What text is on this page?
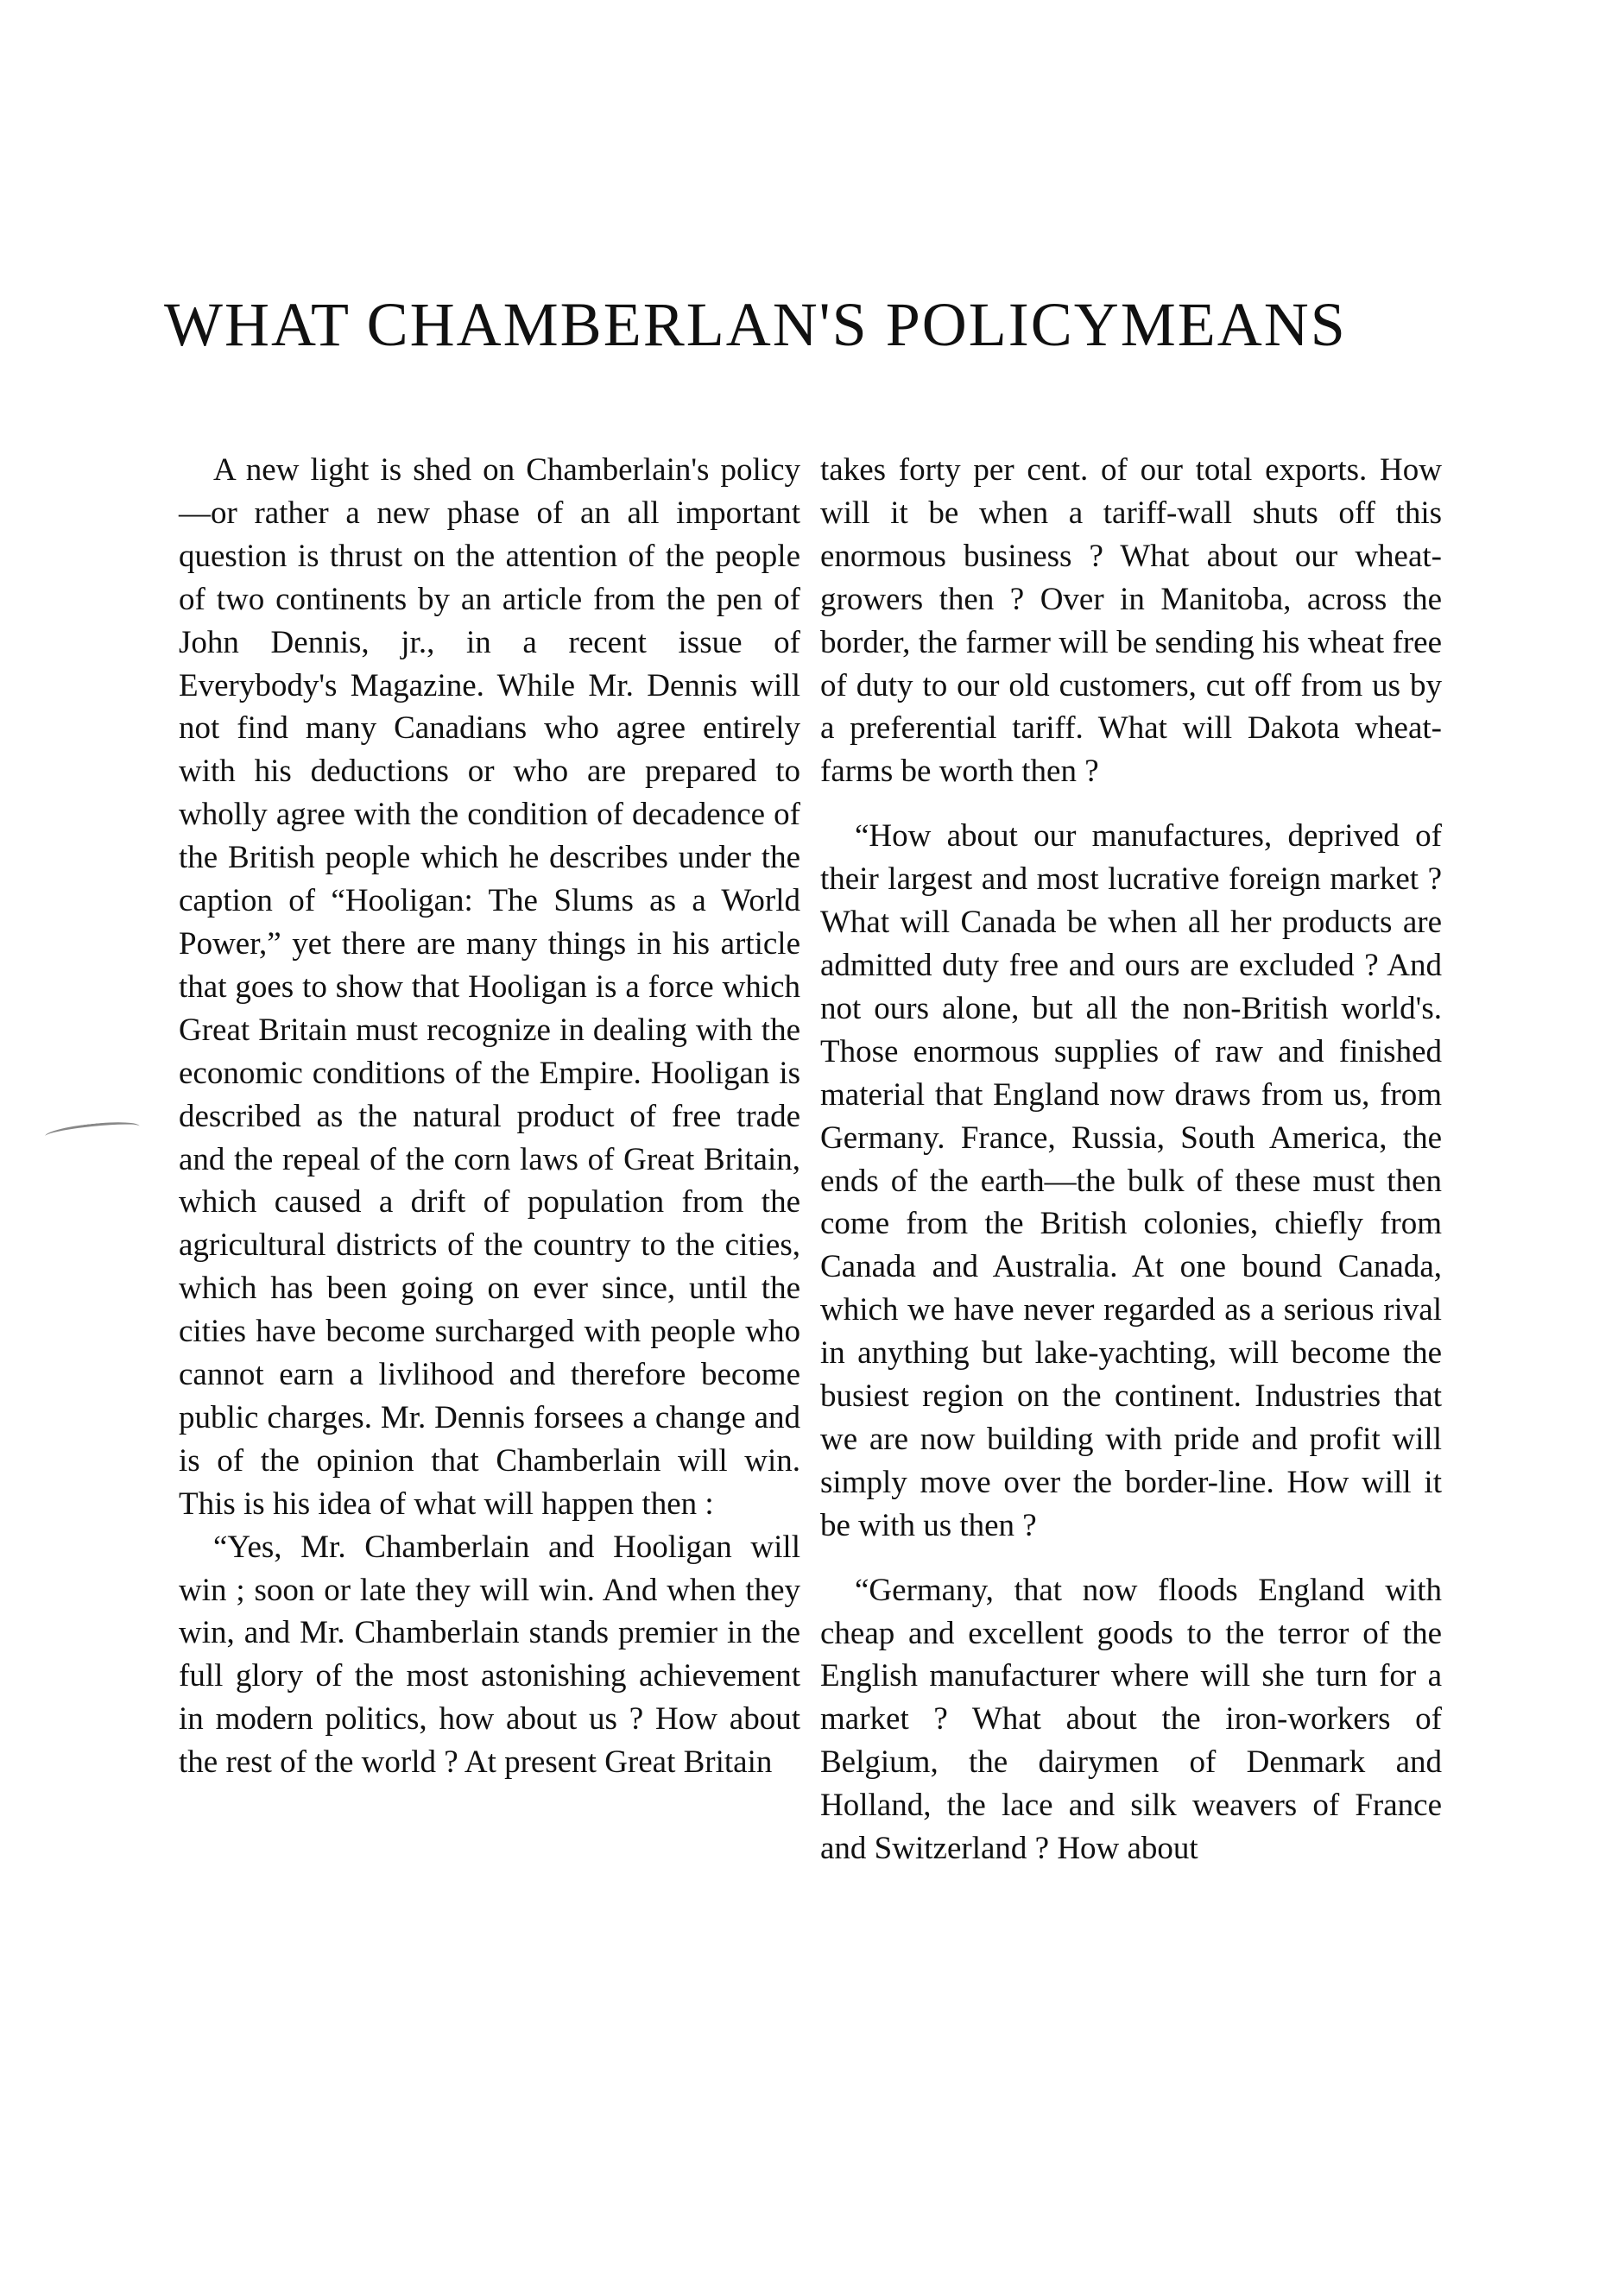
WHAT CHAMBERLAN'S POLICYMEANS

A new light is shed on Chamberlain's policy—or rather a new phase of an all important question is thrust on the attention of the people of two continents by an article from the pen of John Dennis, jr., in a recent issue of Everybody's Magazine. While Mr. Dennis will not find many Canadians who agree entirely with his deductions or who are prepared to wholly agree with the condition of decadence of the British people which he describes under the caption of “Hooligan: The Slums as a World Power,” yet there are many things in his article that goes to show that Hooligan is a force which Great Britain must recognize in dealing with the economic conditions of the Empire. Hooligan is described as the natural product of free trade and the repeal of the corn laws of Great Britain, which caused a drift of population from the agricultural districts of the country to the cities, which has been going on ever since, until the cities have become surcharged with people who cannot earn a livlihood and therefore become public charges. Mr. Dennis forsees a change and is of the opinion that Chamberlain will win. This is his idea of what will happen then :

“Yes, Mr. Chamberlain and Hooligan will win ; soon or late they will win. And when they win, and Mr. Chamberlain stands premier in the full glory of the most astonishing achievement in modern politics, how about us ? How about the rest of the world ? At present Great Britain

takes forty per cent. of our total exports. How will it be when a tariff-wall shuts off this enormous business ? What about our wheat-growers then ? Over in Manitoba, across the border, the farmer will be sending his wheat free of duty to our old customers, cut off from us by a preferential tariff. What will Dakota wheat-farms be worth then ?

“How about our manufactures, deprived of their largest and most lucrative foreign market ? What will Canada be when all her products are admitted duty free and ours are excluded ? And not ours alone, but all the non-British world's. Those enormous supplies of raw and finished material that England now draws from us, from Germany. France, Russia, South America, the ends of the earth—the bulk of these must then come from the British colonies, chiefly from Canada and Australia. At one bound Canada, which we have never regarded as a serious rival in anything but lake-yachting, will become the busiest region on the continent. Industries that we are now building with pride and profit will simply move over the border-line. How will it be with us then ?

“Germany, that now floods England with cheap and excellent goods to the terror of the English manufacturer where will she turn for a market ? What about the iron-workers of Belgium, the dairymen of Denmark and Holland, the lace and silk weavers of France and Switzerland ? How about
